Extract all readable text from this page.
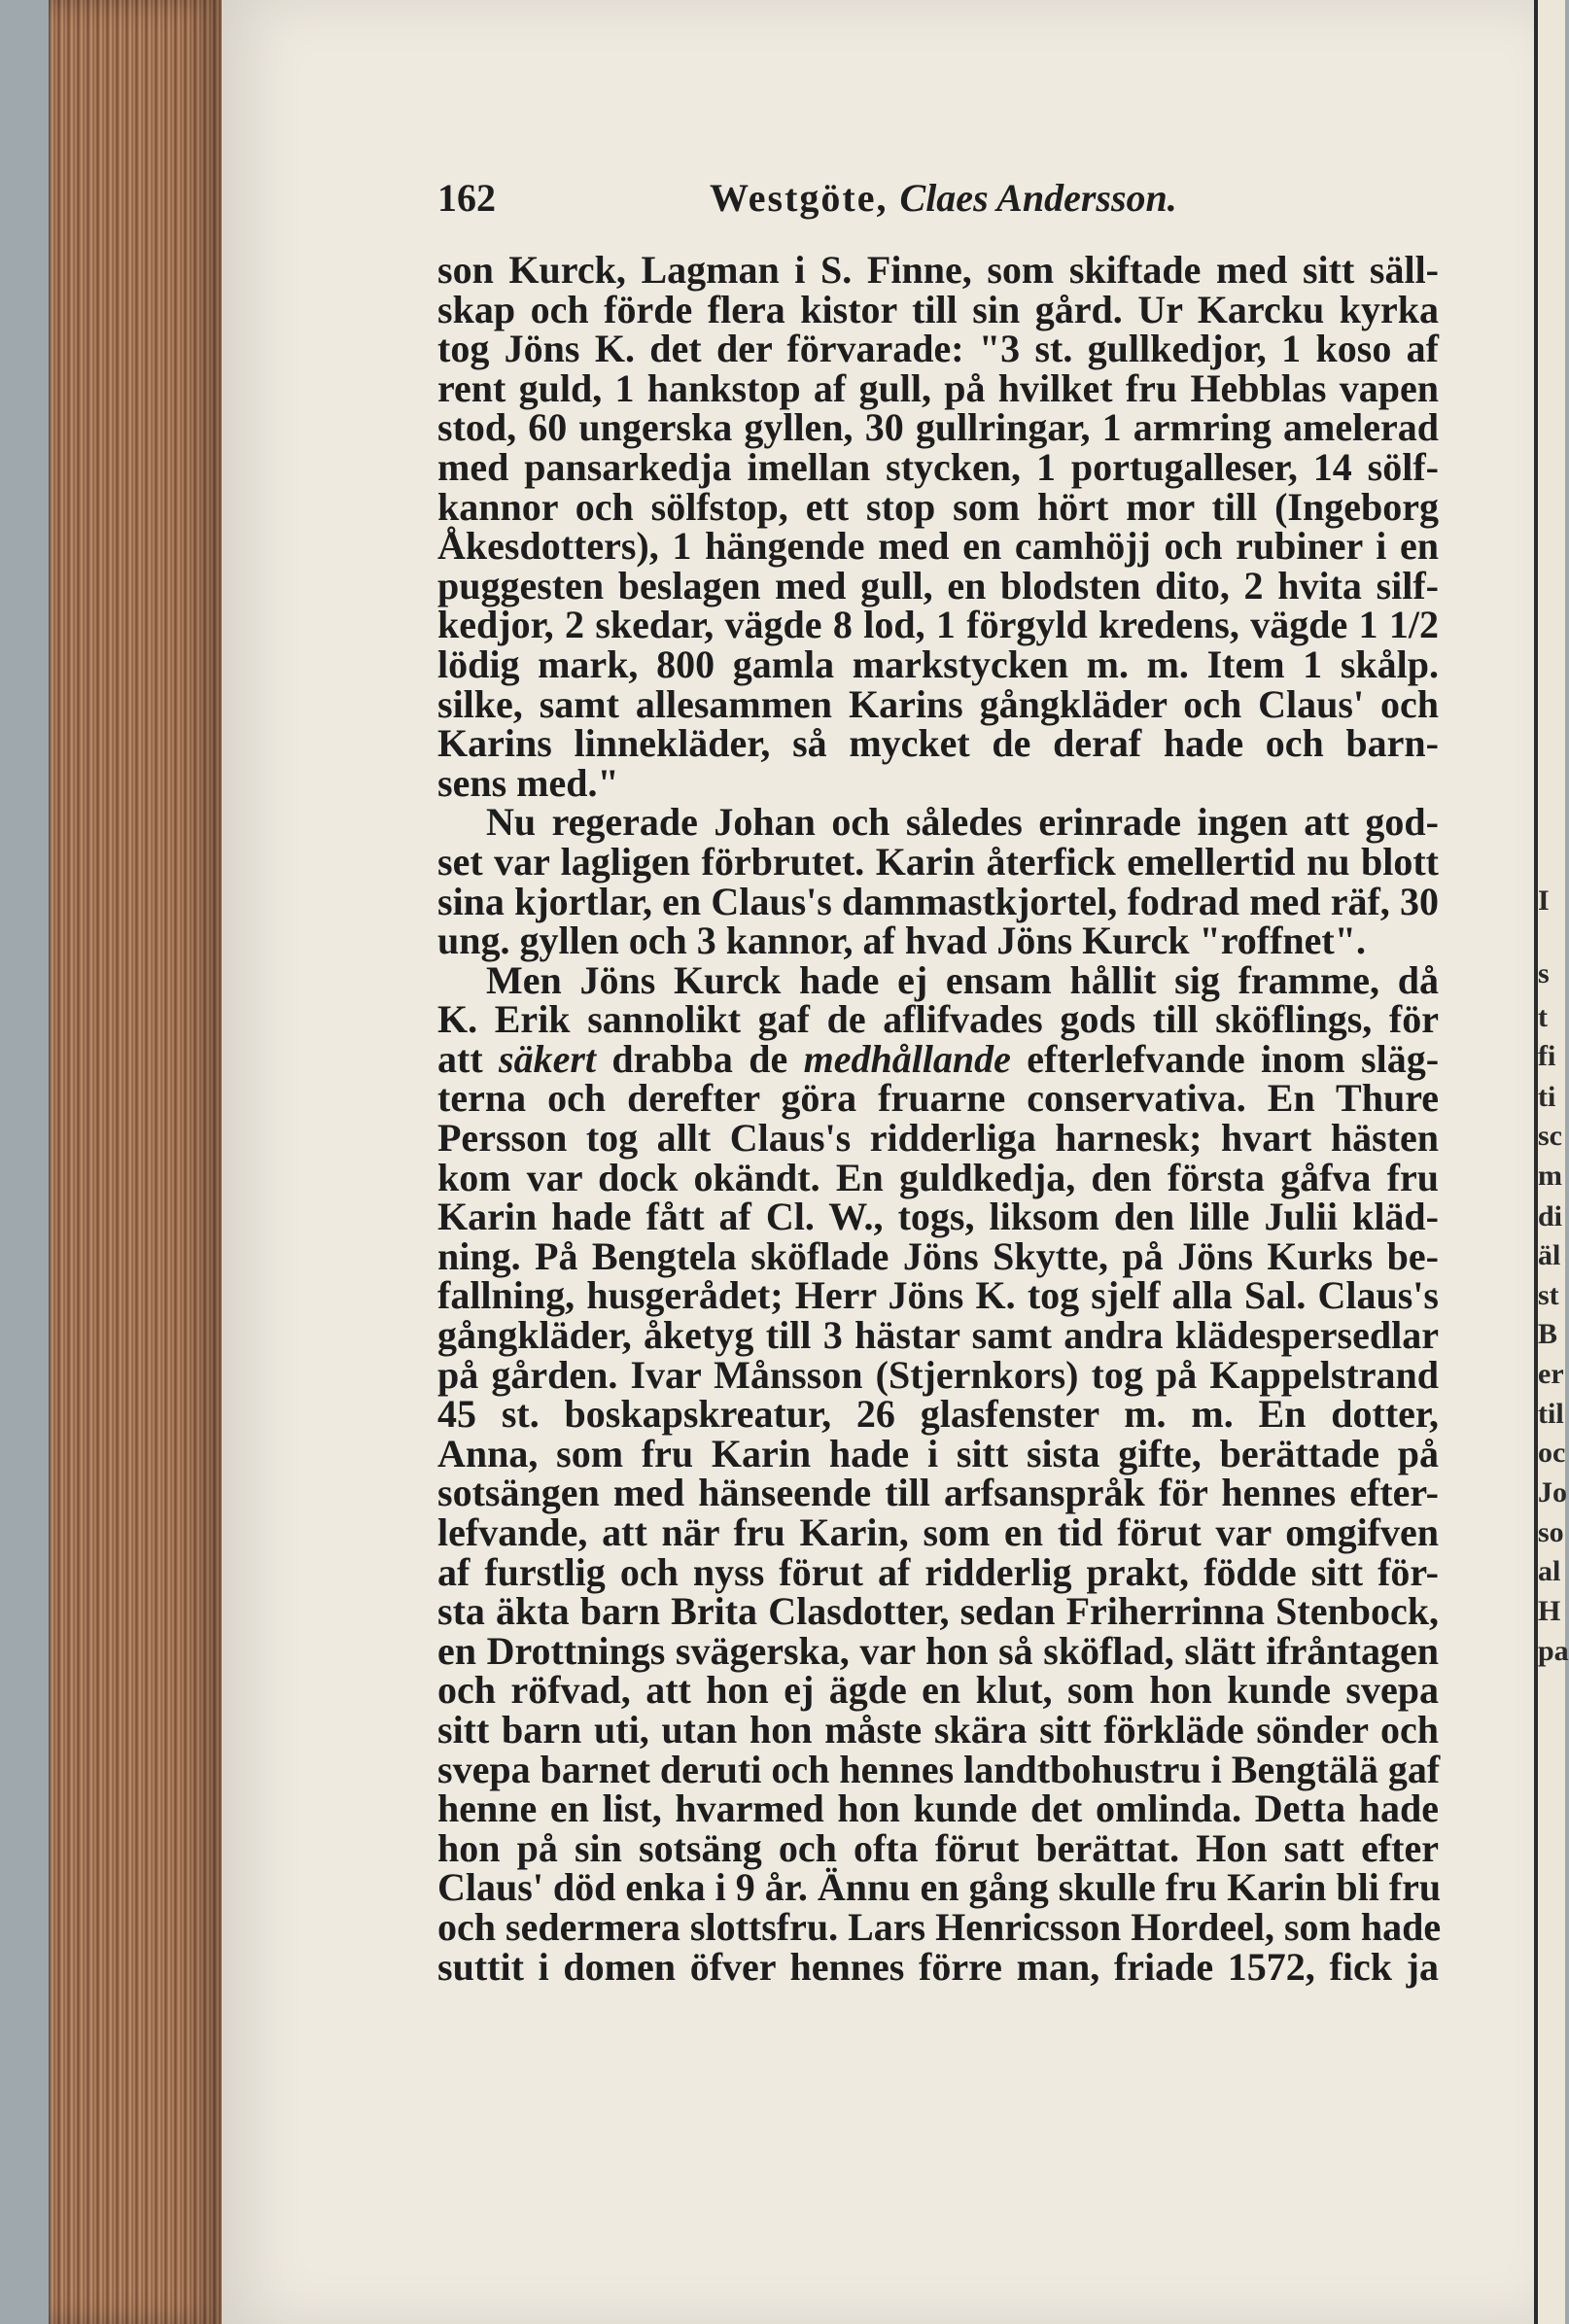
162	Westgöte, Claes Andersson.
son Kurck, Lagman i S. Finne, som skiftade med sitt säll-
skap och förde flera kistor till sin gård. Ur Karcku kyrka
tog Jöns K. det der förvarade: "3 st. gullkedjor, 1 koso af
rent guld, 1 hankstop af gull, på hvilket fru Hebblas vapen
stod, 60 ungerska gyllen, 30 gullringar, 1 armring amelerad
med pansarkedja imellan stycken, 1 portugalleser, 14 sölf-
kannor och sölfstop, ett stop som hört mor till (Ingeborg
Åkesdotters), 1 hängende med en camhöjj och rubiner i en
puggesten beslagen med gull, en blodsten dito, 2 hvita silf-
kedjor, 2 skedar, vägde 8 lod, 1 förgyld kredens, vägde 1 1/2
lödig mark, 800 gamla markstycken m. m. Item 1 skålp.
silke, samt allesammen Karins gångkläder och Claus' och
Karins linnekläder, så mycket de deraf hade och barn-
sens med."
Nu regerade Johan och således erinrade ingen att god-
set var lagligen förbrutet. Karin återfick emellertid nu blott
sina kjortlar, en Claus's dammastkjortel, fodrad med räf, 30
ung. gyllen och 3 kannor, af hvad Jöns Kurck "roffnet".
Men Jöns Kurck hade ej ensam hållit sig framme, då
K. Erik sannolikt gaf de aflifvades gods till sköflings, för
att säkert drabba de medhållande efterlefvande inom släg-
terna och derefter göra fruarne conservativa. En Thure
Persson tog allt Claus's ridderliga harnesk; hvart hästen
kom var dock okändt. En guldkedja, den första gåfva fru
Karin hade fått af Cl. W., togs, liksom den lille Julii kläd-
ning. På Bengtela sköflade Jöns Skytte, på Jöns Kurks be-
fallning, husgerådet; Herr Jöns K. tog sjelf alla Sal. Claus's
gångkläder, åketyg till 3 hästar samt andra klädespersedlar
på gården. Ivar Månsson (Stjernkors) tog på Kappelstrand
45 st. boskapskreatur, 26 glasfenster m. m. En dotter,
Anna, som fru Karin hade i sitt sista gifte, berättade på
sotsängen med hänseende till arfsanspråk för hennes efter-
lefvande, att när fru Karin, som en tid förut var omgifven
af furstlig och nyss förut af ridderlig prakt, födde sitt för-
sta äkta barn Brita Clasdotter, sedan Friherrinna Stenbock,
en Drottnings svägerska, var hon så sköflad, slätt ifråntagen
och röfvad, att hon ej ägde en klut, som hon kunde svepa
sitt barn uti, utan hon måste skära sitt förkläde sönder och
svepa barnet deruti och hennes landtbohustru i Bengtälä gaf
henne en list, hvarmed hon kunde det omlinda. Detta hade
hon på sin sotsäng och ofta förut berättat. Hon satt efter
Claus' död enka i 9 år. Ännu en gång skulle fru Karin bli fru
och sedermera slottsfru. Lars Henricsson Hordeel, som hade
suttit i domen öfver hennes förre man, friade 1572, fick ja
I
s
t
fi
ti
sc
m
di
äl
st
B
er
til
oc
Jo
so
al
H
pa
